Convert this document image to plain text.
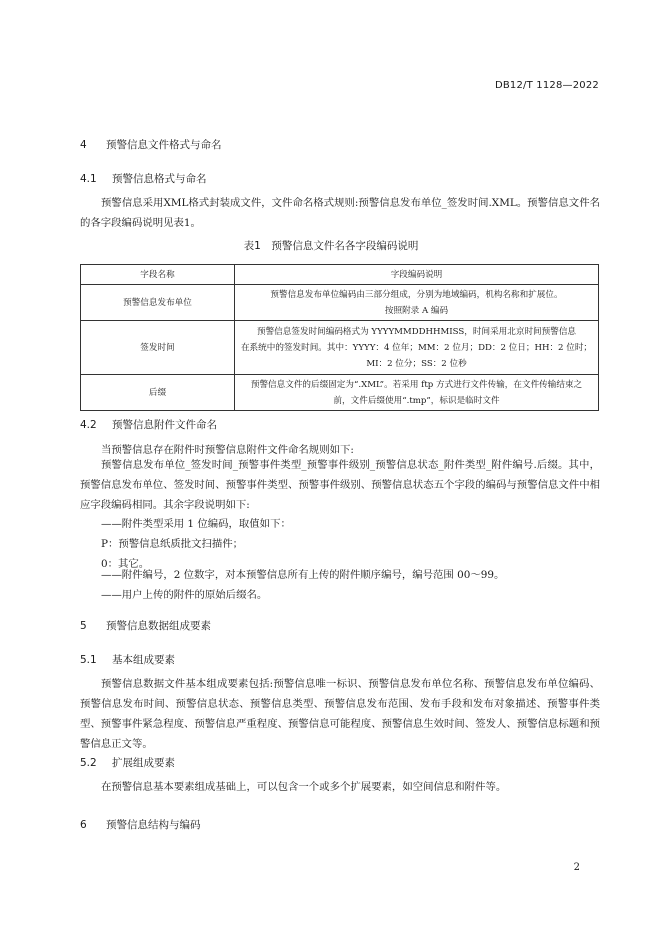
DB12/T 1128—2022
4 预警信息文件格式与命名
4.1 预警信息格式与命名
预警信息采用XML格式封装成文件，文件命名格式规则:预警信息发布单位_签发时间.XML。预警信息文件名的各字段编码说明见表1。
表1　预警信息文件名各字段编码说明
字段名称	字段编码说明
预警信息发布单位	预警信息发布单位编码由三部分组成，分别为地域编码，机构名称和扩展位。
按照附录 A 编码

签发时间	预警信息签发时间编码格式为 YYYYMMDDHHMISS，时间采用北京时间预警信息
在系统中的签发时间。其中：YYYY：4 位年；MM：2 位月；DD：2 位日；HH：2 位时；
MI：2 位分；SS：2 位秒

后缀	预警信息文件的后缀固定为“.XML”。若采用 ftp 方式进行文件传输，在文件传输结束之
前，文件后缀使用“.tmp”，标识是临时文件
4.2 预警信息附件文件命名
当预警信息存在附件时预警信息附件文件命名规则如下:
预警信息发布单位_签发时间_预警事件类型_预警事件级别_预警信息状态_附件类型_附件编号.后缀。其中，预警信息发布单位、签发时间、预警事件类型、预警事件级别、预警信息状态五个字段的编码与预警信息文件中相应字段编码相同。其余字段说明如下:
——附件类型采用 1 位编码，取值如下：
P：预警信息纸质批文扫描件；
0：其它。
——附件编号，2 位数字，对本预警信息所有上传的附件顺序编号，编号范围 00～99。
——用户上传的附件的原始后缀名。
5 预警信息数据组成要素
5.1 基本组成要素
预警信息数据文件基本组成要素包括:预警信息唯一标识、预警信息发布单位名称、预警信息发布单位编码、预警信息发布时间、预警信息状态、预警信息类型、预警信息发布范围、发布手段和发布对象描述、预警事件类型、预警事件紧急程度、预警信息严重程度、预警信息可能程度、预警信息生效时间、签发人、预警信息标题和预警信息正文等。
5.2 扩展组成要素
在预警信息基本要素组成基础上，可以包含一个或多个扩展要素，如空间信息和附件等。
6 预警信息结构与编码
2
